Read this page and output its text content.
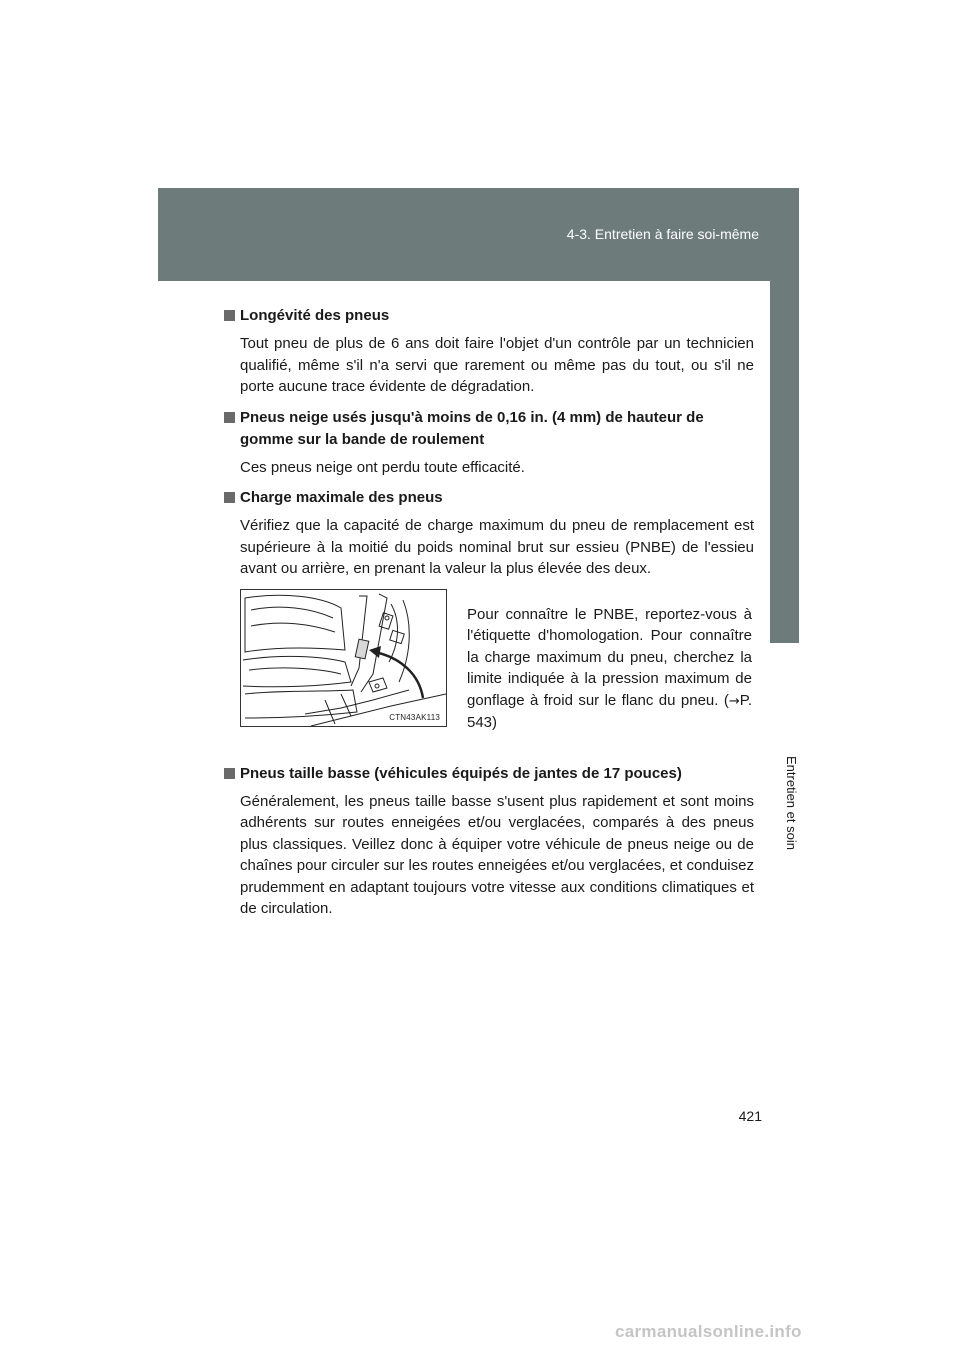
4-3. Entretien à faire soi-même
4
Entretien et soin

Longévité des pneus

Tout pneu de plus de 6 ans doit faire l'objet d'un contrôle par un technicien qualifié, même s'il n'a servi que rarement ou même pas du tout, ou s'il ne porte aucune trace évidente de dégradation.

Pneus neige usés jusqu'à moins de 0,16 in. (4 mm) de hauteur de gomme sur la bande de roulement

Ces pneus neige ont perdu toute efficacité.

Charge maximale des pneus

Vérifiez que la capacité de charge maximum du pneu de remplacement est supérieure à la moitié du poids nominal brut sur essieu (PNBE) de l'essieu avant ou arrière, en prenant la valeur la plus élevée des deux.

CTN43AK113

Pour connaître le PNBE, reportez-vous à l'étiquette d'homologation. Pour connaître la charge maximum du pneu, cherchez la limite indiquée à la pression maximum de gonflage à froid sur le flanc du pneu. (→P. 543)

Pneus taille basse (véhicules équipés de jantes de 17 pouces)

Généralement, les pneus taille basse s'usent plus rapidement et sont moins adhérents sur routes enneigées et/ou verglacées, comparés à des pneus plus classiques. Veillez donc à équiper votre véhicule de pneus neige ou de chaînes pour circuler sur les routes enneigées et/ou verglacées, et conduisez prudemment en adaptant toujours votre vitesse aux conditions climatiques et de circulation.

421
carmanualsonline.info
